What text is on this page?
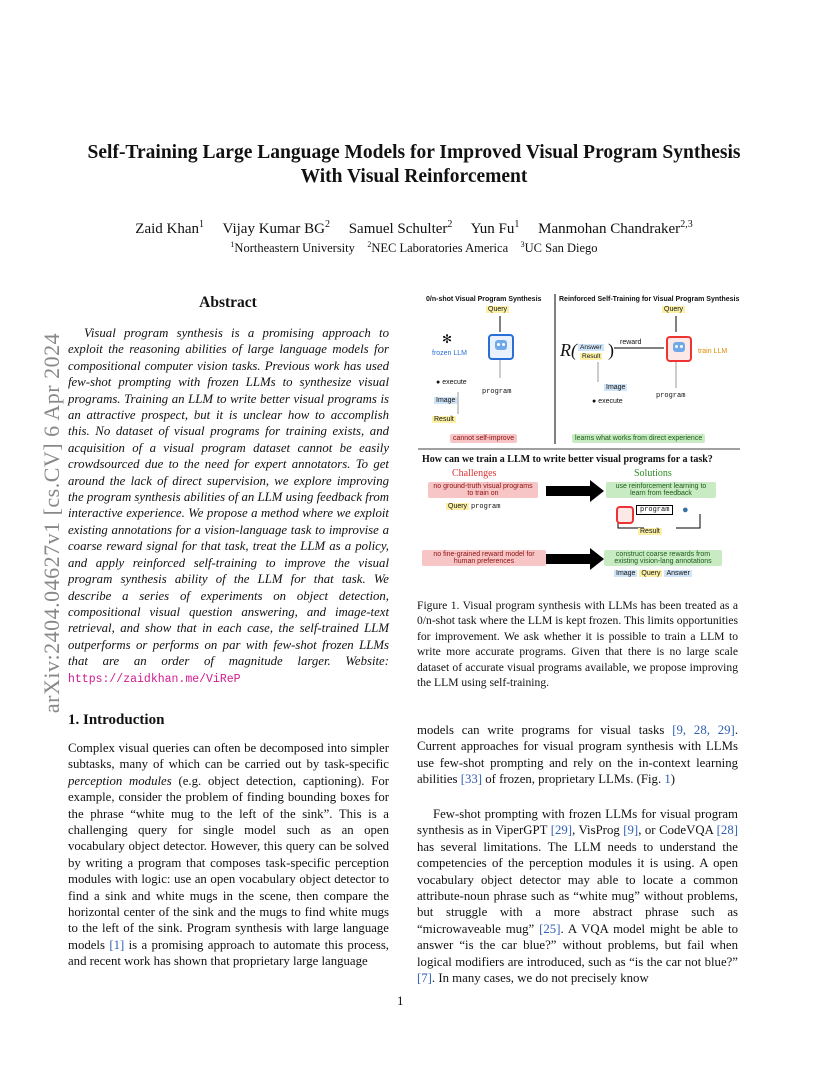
arXiv:2404.04627v1 [cs.CV] 6 Apr 2024
Self-Training Large Language Models for Improved Visual Program Synthesis
With Visual Reinforcement
Zaid Khan$^1$ Vijay Kumar $BG^2$ Samuel Schulter$^2$ Yun Fu$^1$ Manmohan Chandraker$^{2,3}$
$^1$Northeastern University $^2$NEC Laboratories America $^3$UC San Diego
Abstract
Visual program synthesis is a promising approach to exploit the reasoning abilities of large language models for compositional computer vision tasks. Previous work has used few-shot prompting with frozen LLMs to synthesize visual programs. Training an LLM to write better visual programs is an attractive prospect, but it is unclear how to accomplish this. No dataset of visual programs for training exists, and acquisition of a visual program dataset cannot be easily crowdsourced due to the need for expert annotators. To get around the lack of direct supervision, we explore improving the program synthesis abilities of an LLM using feedback from interactive experience. We propose a method where we exploit existing annotations for a vision-language task to improvise a coarse reward signal for that task, treat the LLM as a policy, and apply reinforced self-training to improve the visual program synthesis ability of the LLM for that task. We describe a series of experiments on object detection, compositional visual question answering, and image-text retrieval, and show that in each case, the self-trained LLM outperforms or performs on par with few-shot frozen LLMs that are an order of magnitude larger. Website: https://zaidkhan.me/ViReP
0/n-shot Visual Program Synthesis	Reinforced Self-Training for Visual Program Synthesis
Query
✻
frozen LLM
● execute
program
Image
Result
cannot self-improve
Query
R( Answer
Result ) reward
train LLM
Image
program
● execute
learns what works from direct experience
How can we train a LLM to write better visual programs for a task?
Challenges	Solutions
no ground-truth visual programs to train on
Query program
use reinforcement learning to learn from feedback
program	●
Result
no fine-grained reward model for human preferences
construct coarse rewards from existing vision-lang annotations
Image Query Answer
Figure 1. Visual program synthesis with LLMs has been treated as a 0/n-shot task where the LLM is kept frozen. This limits opportunities for improvement. We ask whether it is possible to train a LLM to write more accurate programs. Given that there is no large scale dataset of accurate visual programs available, we propose improving the LLM using self-training.
1. Introduction
Complex visual queries can often be decomposed into simpler subtasks, many of which can be carried out by task-specific perception modules (e.g. object detection, captioning). For example, consider the problem of finding bounding boxes for the phrase “white mug to the left of the sink”. This is a challenging query for single model such as an open vocabulary object detector. However, this query can be solved by writing a program that composes task-specific perception modules with logic: use an open vocabulary object detector to find a sink and white mugs in the scene, then compare the horizontal center of the sink and the mugs to find white mugs to the left of the sink. Program synthesis with large language models [1] is a promising approach to automate this process, and recent work has shown that proprietary large language
models can write programs for visual tasks [9, 28, 29]. Current approaches for visual program synthesis with LLMs use few-shot prompting and rely on the in-context learning abilities [33] of frozen, proprietary LLMs. (Fig. 1)
Few-shot prompting with frozen LLMs for visual program synthesis as in ViperGPT [29], VisProg [9], or CodeVQA [28] has several limitations. The LLM needs to understand the competencies of the perception modules it is using. A open vocabulary object detector may able to locate a common attribute-noun phrase such as “white mug” without problems, but struggle with a more abstract phrase such as “microwaveable mug” [25]. A VQA model might be able to answer “is the car blue?” without problems, but fail when logical modifiers are introduced, such as “is the car not blue?” [7]. In many cases, we do not precisely know
1
